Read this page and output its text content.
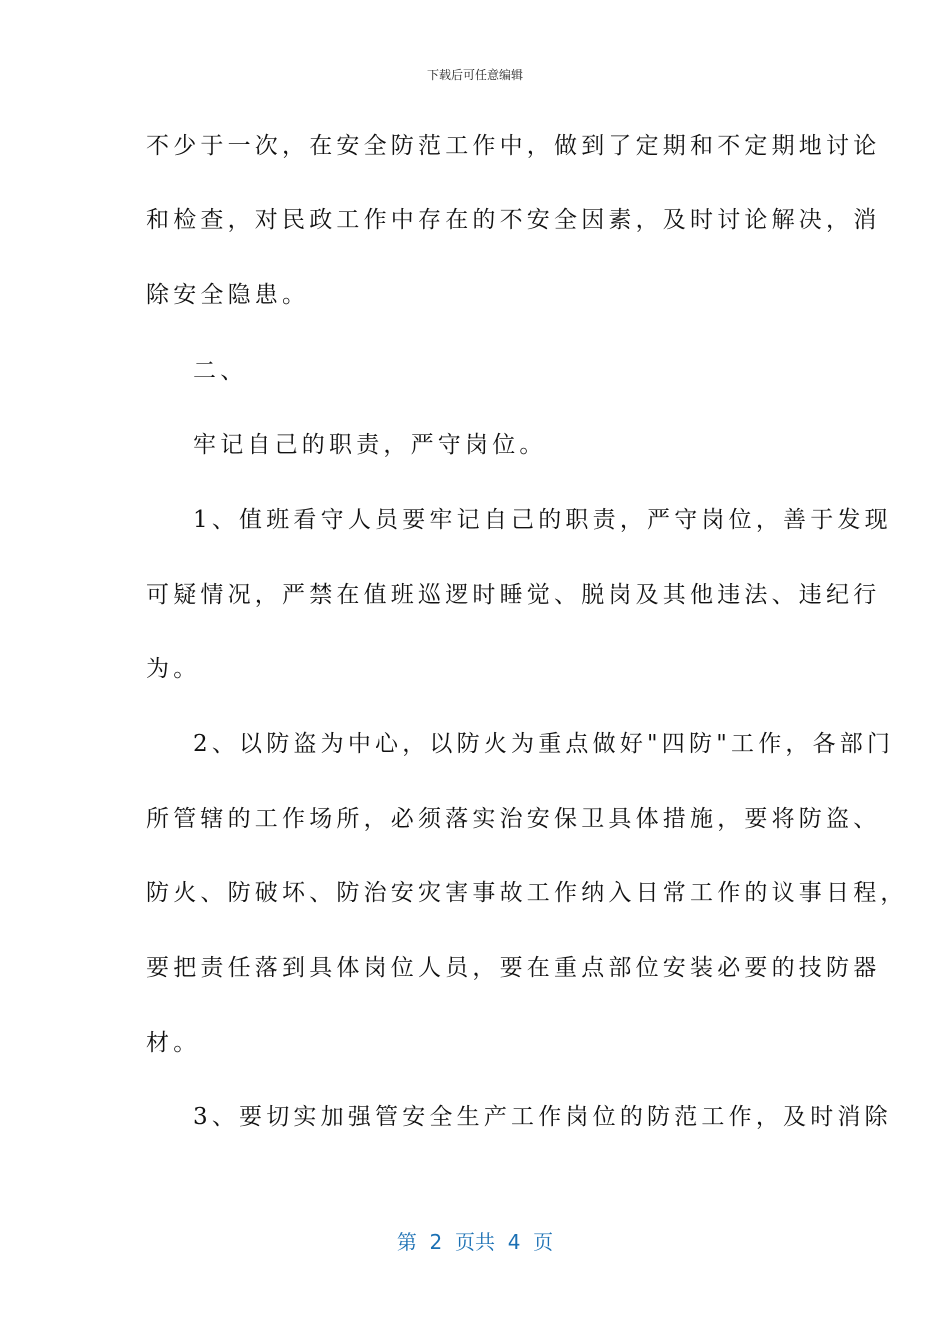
下载后可任意编辑
不少于一次，在安全防范工作中，做到了定期和不定期地讨论
和检查，对民政工作中存在的不安全因素，及时讨论解决，消
除安全隐患。
二、
牢记自己的职责，严守岗位。
1、值班看守人员要牢记自己的职责，严守岗位，善于发现
可疑情况，严禁在值班巡逻时睡觉、脱岗及其他违法、违纪行
为。
2、以防盗为中心，以防火为重点做好"四防"工作，各部门
所管辖的工作场所，必须落实治安保卫具体措施，要将防盗、
防火、防破坏、防治安灾害事故工作纳入日常工作的议事日程，
要把责任落到具体岗位人员，要在重点部位安装必要的技防器
材。
3、要切实加强管安全生产工作岗位的防范工作，及时消除
第  2  页共  4  页
